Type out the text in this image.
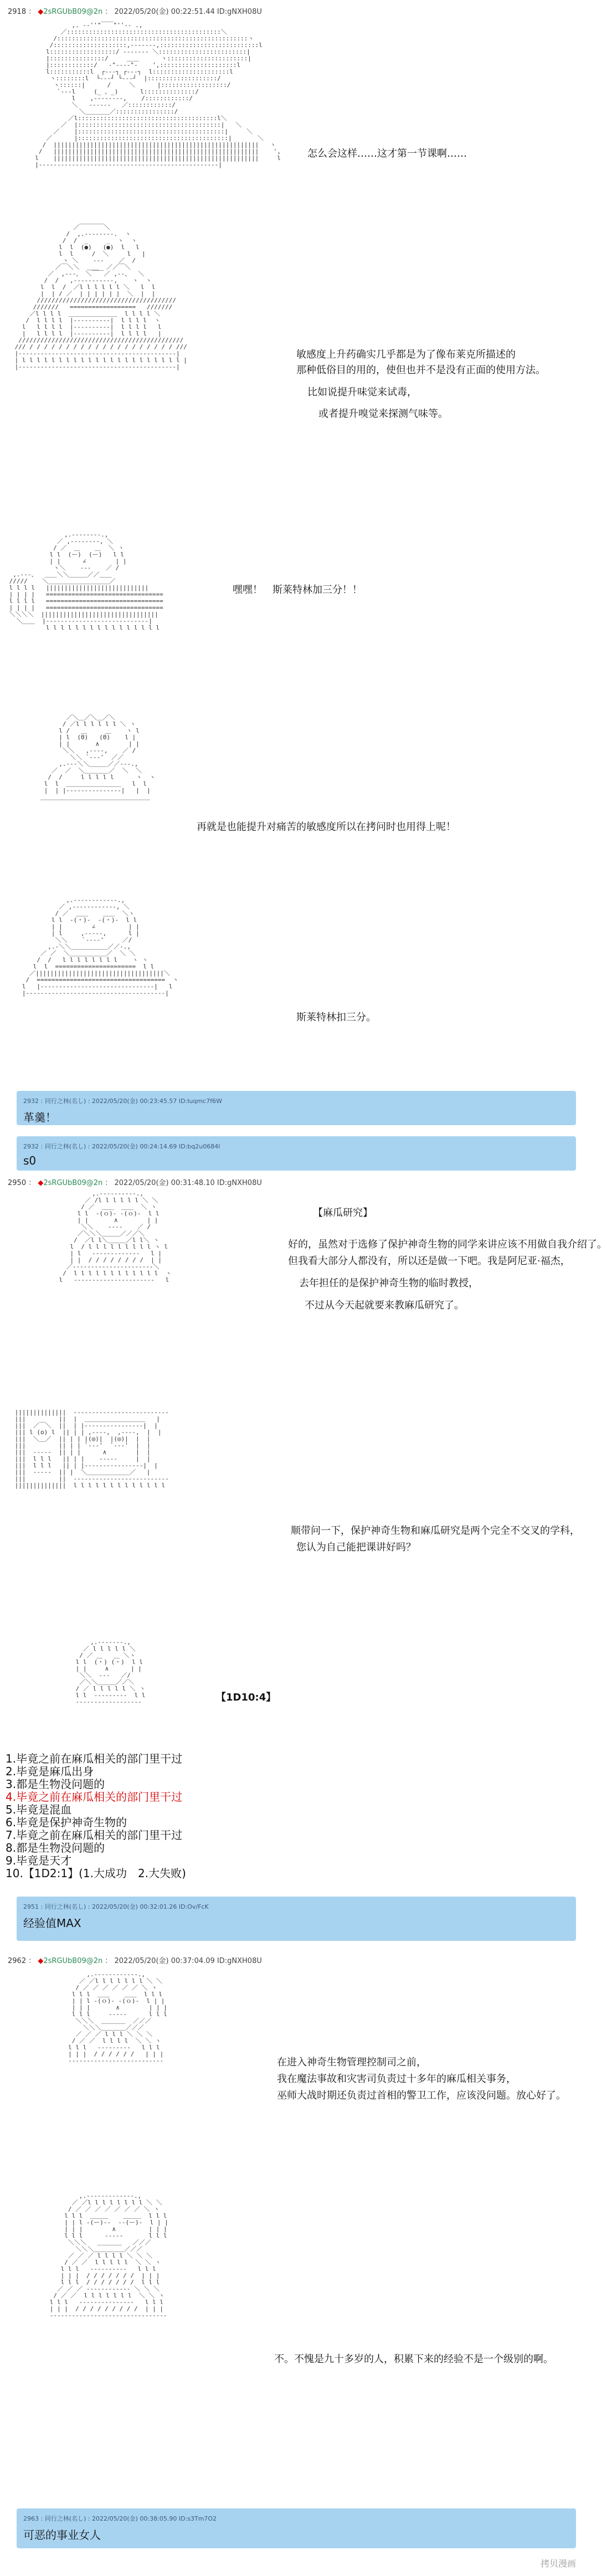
2918 ： ◆2sRGUbB09@2n ： 2022/05/20(金) 00:22:51.44 ID:gNXH08U
,. -‐''"￣￣"''‐- .,
／::::::::::::::::::::::::::::::::::::::::::＼
/::::::::::::::::::::::::::::::::::::::::::::::::::::ヽ
/::::::::::::::::::::,-‐‐‐‐‐-,:::::::::::::::::::::::::::l
l::::::::::::::::::/ -‐‐‐‐‐- ＼::::::::::::::::::::::::|
|:::::::::::::::/     ＿＿      ヽ::::::::::::::::::::::|
|::::::::::::/   ‐"‐‐‐‐"‐    ',:::::::::::::::::::::l
l:::::::::::l  ┌‐‐‐┐ ┌‐‐‐┐  l:::::::::::::::::::::l
ヽ::::::::l  └‐‐‐┘ └‐‐‐┘  |:::::::::::::::::::/
ヽ::::::|      /     ＼      |::::::::::::::::::/
`‐‐‐l     (_ 、_)      l::::::::::::::/
l    ,-‐‐‐‐‐‐-,    /::::::::::::/
＼   ‐‐‐‐‐‐   ／::::::::::::/
＼＿＿＿＿／::::::::::::::::/
／l::::::::::::::::::::::::::::::::::::::l＼
／  |:::::::::::::::::::::::::::::::::::::::|   ＼
／    |::::::::::::::::::::::::::::::::::::::::|     ＼
／      |:::::::::::::::::::::::::::::::::::::::::|       ＼
/  ||||||||||||||||||||||||||||||||||||||||||||||||||||||||   ヽ
/   ||||||||||||||||||||||||||||||||||||||||||||||||||||||||    ',
l    ||||||||||||||||||||||||||||||||||||||||||||||||||||||||     l
|‐‐‐‐‐‐‐‐‐‐‐‐‐‐‐‐‐‐‐‐‐‐‐‐‐‐‐‐‐‐‐‐‐‐‐‐‐‐‐‐‐‐‐‐‐‐‐‐‐|

怎么会这样……这才第一节课啊……
／￣￣￣￣＼
/  ,.-‐‐‐‐‐‐-.  ヽ
/  /  _     _  ヽ  ヽ
l  l  (●)   (●)  l   l
l  l     /  ＼     l   |
ヽ ＼    ‐‐‐    ／  /
／￣＼＼  ＿＿  ／／￣＼
／  ,-‐‐、 ＼￣￣／ ,-‐、  ＼
/  /   ,‐‐‐‐-‐‐‐‐‐-,    ヽ  ヽ
l  l  /  ／l l l l l l ＼   l  l
|  | / ／  | | | | | |  ＼  |  |
//////////////////////////////////////
///////   ==================   ///////
／l l l l  ＿＿＿＿＿＿＿＿  l l l l ＼
/  l l l l  |‐‐‐‐‐‐‐‐‐‐|  l l l l  ヽ
l   l l l l  |‐‐‐‐‐‐‐‐‐‐|  l l l l   l
|   l l l l  |‐‐‐‐‐‐‐‐‐‐|  l l l l   |
/////////////////////////////////////////////
/// / / / / / / / / / / / / / / / / / / / / ///
|‐‐‐‐‐‐‐‐‐‐‐‐‐‐‐‐‐‐‐‐‐‐‐‐‐‐‐‐‐‐‐‐‐‐‐‐‐‐‐‐‐‐‐|
| l l l l l l l l l l l l l l l l l l l l l l |
|‐‐‐‐‐‐‐‐‐‐‐‐‐‐‐‐‐‐‐‐‐‐‐‐‐‐‐‐‐‐‐‐‐‐‐‐‐‐‐‐‐‐‐|

敏感度上升药确实几乎都是为了像布莱克所描述的
那种低俗目的用的，使但也并不是没有正面的使用方法。
比如说提升味觉来试毒，
或者提升嗅觉来探测气味等。
,.-‐‐‐‐‐‐-.,
／ ,-‐‐‐‐‐‐-, ＼
/ ／  ＿    ＿  ＼ ヽ
l l  (ー)  (ー)   l l
| |      ∠        | |
ヽ＼    ‐‐‐    ／ /
,.-‐‐、  ＿＿＼＼＿＿＿／／＿＿
/////    ＼＿＿＿＿＿＿＿＿＿＿／
l l l l   ||||||||||||||||||||||||||||
| | | |   ================================
l l l l   ================================
| | | |   ================================
＼＼＼＼  ||||||||||||||||||||||||||||||||
＼＿＿  |‐‐‐‐‐‐‐‐‐‐‐‐‐‐‐‐‐‐‐‐‐‐‐‐‐‐‐‐|
l l l l l l l l l l l l l l l l

嘿嘿！　斯莱特林加三分！！
／＼＿／＼＿／＼
/ ／l l l l l l ＼ ヽ
l /   ＿     ＿    ヽ l
| l  (Θ)   (Θ)    l |
| |       ∧        | |
＼＼   ,‐‐‐‐,    ／ /
＼＼ `‐‐‐'  ／／
,.-‐‐＼＼＿＿＿／／‐‐-.,
／  ／  ＼＿＿＿＿／  ＼  ＼
/  /     l l l l l      ヽ  ヽ
l  l  ＿＿＿＿＿＿＿＿＿   l  l
|  | |‐‐‐‐‐‐‐‐‐‐‐‐‐‐‐|   |  |
＿＿＿＿＿＿＿＿＿＿＿＿＿＿＿＿＿＿

再就是也能提升对痛苦的敏感度所以在拷问时也用得上呢！
,.-‐‐‐‐‐‐‐‐‐‐-.,
／ ,-‐‐‐‐‐‐‐‐‐‐-, ＼
/ ／  ＿＿    ＿＿  ＼ヽ
l l  ‐(・)‐  ‐(・)‐  l l
| |        ∠         | |
| l     ,‐‐‐‐‐,      l |
＼＼    `‐‐‐‐'     ／/
,.-＼＼＿＿＿＿＿＿／／-.,
／ ／  ＼＿＿＿＿＿＿／  ＼ ＼
/  /   l l l l l l l l    ヽ ヽ
l  l  ======================  l l
／|||||||||||||||||||||||||||||||||||＼
/  ===================================  ヽ
l   |‐‐‐‐‐‐‐‐‐‐‐‐‐‐‐‐‐‐‐‐‐‐‐‐‐‐‐‐‐‐‐|   l
|‐‐‐‐‐‐‐‐‐‐‐‐‐‐‐‐‐‐‐‐‐‐‐‐‐‐‐‐‐‐‐‐‐‐‐‐‐‐|

斯莱特林扣三分。
2932 : 同行之林(名し) : 2022/05/20(金) 00:23:45.57 ID:Iuqmc7f6W
革羹！
2932 : 同行之林(名し) : 2022/05/20(金) 00:24:14.69 ID:bq2u0684l
s0
2950 ： ◆2sRGUbB09@2n ： 2022/05/20(金) 00:31:48.10 ID:gNXH08U
,.-‐‐‐‐‐‐‐‐-.,
／ /l l l l l l ＼ ＼
/ ／  ＿＿  ＿＿  ＼ ヽ
l l  ‐(ｏ)‐ ‐(ｏ)‐  l l
| |       ∧        | |
＼＼    ‐‐‐‐    ／ /
／＼＼＼＿＿＿／／／＼
/  ／l l＼＿＿＿／l l＼ ヽ
l  / l l l l l l l l l ヽ l
| l   ‐‐‐‐‐‐‐‐‐‐‐‐‐   l |
| |  / / / / / / / /  | |
／‐‐‐‐‐‐‐‐‐‐‐‐‐‐‐‐‐‐‐‐‐‐＼
/  l l l l l l l l l l l l  ヽ
l   ‐‐‐‐‐‐‐‐‐‐‐‐‐‐‐‐‐‐‐‐‐‐   l

【麻瓜研究】
好的，虽然对于选修了保护神奇生物的同学来讲应该不用做自我介绍了。
但我看大部分人都没有，所以还是做一下吧。我是阿尼亚·福杰，
去年担任的是保护神奇生物的临时教授，
不过从今天起就要来教麻瓜研究了。
||||||||||||||  ‐‐‐‐‐‐‐‐‐‐‐‐‐‐‐‐‐‐‐‐‐‐‐‐‐‐
|||         ||  |  ＿＿＿＿＿＿＿＿＿＿   |
|||  ／￣＼  ||  | |‐‐‐‐‐‐‐‐‐‐‐‐‐‐‐‐|  |
||| l (o) l  || | | ,‐‐‐‐,  ,‐‐‐‐,  |  |
|||  ＼＿／  || | | |(◎)|  |(◎)|  |  |
|||         || | | `‐‐‐'  `‐‐‐'  |  |
|||  ‐‐‐‐‐  || | |      ∧        |  |
|||  l l l   || | |    ‐‐‐‐‐     |  |
|||  l l l   || | |‐‐‐‐‐‐‐‐‐‐‐‐‐‐‐‐|  |
|||  ‐‐‐‐‐  || |  ＼＿＿＿＿＿＿＿／   |
|||         ||  ‐‐‐‐‐‐‐‐‐‐‐‐‐‐‐‐‐‐‐‐‐‐‐‐‐‐
||||||||||||||  l l l l l l l l l l l l l

顺带问一下，保护神奇生物和麻瓜研究是两个完全不交叉的学科，
您认为自己能把课讲好吗？
,.-‐‐‐‐‐-.,
／ l l l l l ＼
/ ／ ＿   ＿ ＼ヽ
l l  (・) (・)  l l
| |     ∧      | |
＼＼  ‐‐‐   ／/
／＼＼＿＿＿／／＼
/ ／ l l l l l ＼ ヽ
l l  ‐‐‐‐‐‐‐‐‐  l l
‐‐‐‐‐‐‐‐‐‐‐‐‐‐‐‐‐‐	【1D10:4】
1.毕竟之前在麻瓜相关的部门里干过
2.毕竟是麻瓜出身
3.都是生物没问题的
4.毕竟之前在麻瓜相关的部门里干过
5.毕竟是混血
6.毕竟是保护神奇生物的
7.毕竟之前在麻瓜相关的部门里干过
8.都是生物没问题的
9.毕竟是天才
10.【1D2:1】(1.大成功　2.大失败)
2951 : 同行之林(名し) : 2022/05/20(金) 00:32:01.26 ID:Ov/FcK
经验值MAX
2962 ： ◆2sRGUbB09@2n ： 2022/05/20(金) 00:37:04.09 ID:gNXH08U
,.-‐‐‐‐‐‐‐‐‐‐-.,
／ ／l l l l l l l ＼ ＼
/ ／ ／ ／ ／ ／ ／ ＼ ヽ
l l l  ＿＿    ＿＿  l l l
| | l ‐(ｏ)‐ ‐(ｏ)‐  l | |
| | |       ∧        | | |
l l l     ‐‐‐‐‐      l l l
＼＼＼  ＿＿＿＿  ／／／
＼＼＼＿＿＿＿／／／
／ ／ ／ l l l ＼ ＼ ＼
/ ／ ／  l l l l  ＼ ＼ ヽ
l l l   ‐‐‐‐‐‐‐‐‐   l l l
| | |  / / / / / /   | | |
‐‐‐‐‐‐‐‐‐‐‐‐‐‐‐‐‐‐‐‐‐‐‐‐‐‐	在进入神奇生物管理控制司之前，
我在魔法事故和灾害司负责过十多年的麻瓜相关事务，
巫师大战时期还负责过首相的警卫工作，应该没问题。放心好了。
,.-‐‐‐‐‐‐‐‐‐‐‐-.,
／ ／l l l l l l l l ＼ ＼
/ ／ ／ ／ ／ ／ ／ ／ ＼ ヽ
l l l  ＿＿＿    ＿＿＿  l l l
| | l ‐(ー)‐‐  ‐‐(ー)‐  l | |
| | |        ∧         | | |
l l l      ‐‐‐‐‐       l l l
＼＼＼   ＿＿＿＿   ／／／
＼＼＼＿＿＿＿＿／／／
／ ／ ／ l l l l ＼ ＼ ＼
/ ／ ／  l l l l l  ＼ ＼ ヽ
l l l   ‐‐‐‐‐‐‐‐‐‐   l l l
| | |  / / / / / / /  | | |
l l l  / / / / / / /  l l l
／ ／ ／ ‐‐‐‐‐‐‐‐‐‐‐‐ ＼ ＼ ＼
/ ／ ／  l l l l l l l  ＼ ＼ ヽ
l l l   ‐‐‐‐‐‐‐‐‐‐‐‐‐‐‐   l l l
| | |  / / / / / / / / /  | | |
‐‐‐‐‐‐‐‐‐‐‐‐‐‐‐‐‐‐‐‐‐‐‐‐‐‐‐‐‐‐‐‐

不。不愧是九十多岁的人，积累下来的经验不是一个级别的啊。
2963 : 同行之林(名し) : 2022/05/20(金) 00:38:05.90 ID:s3Tm7O2
可恶的事业女人
拷贝漫画
